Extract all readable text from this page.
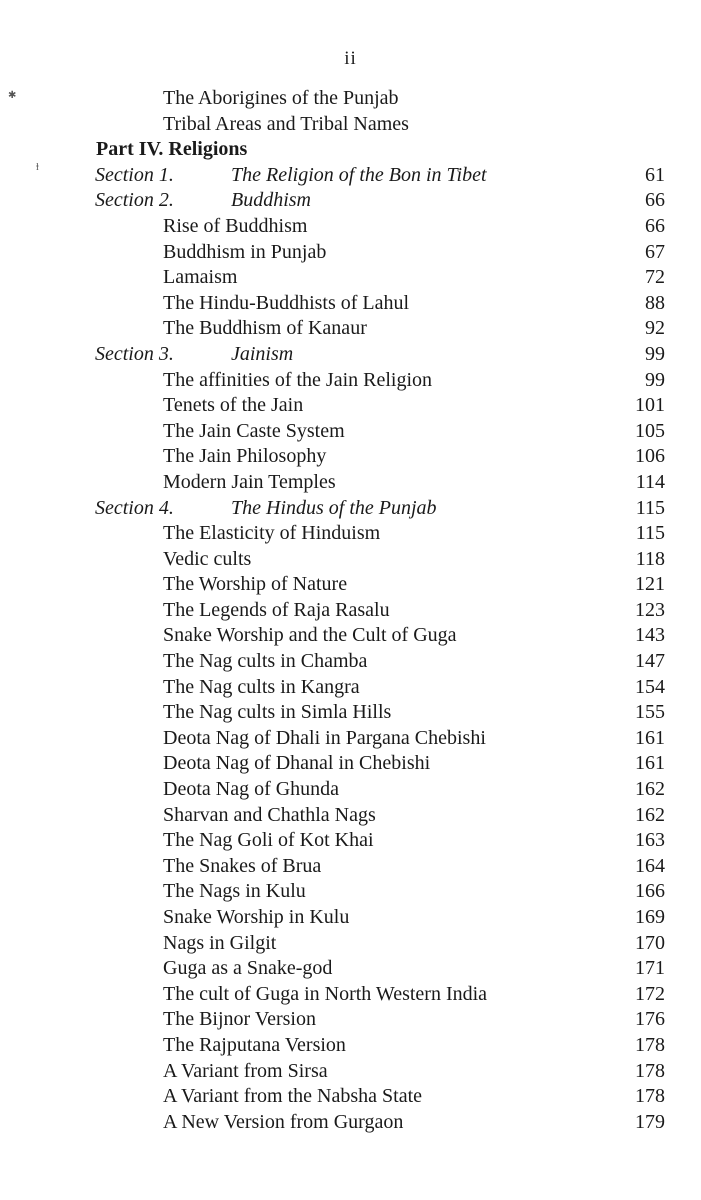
ii
✱
ⱡ
The Aborigines of the Punjab
Tribal Areas and Tribal Names
Part IV. Religions
Section 1.	The Religion of the Bon in Tibet	61
Section 2.	Buddhism	66
Rise of Buddhism	66
Buddhism in Punjab	67
Lamaism	72
The Hindu-Buddhists of Lahul	88
The Buddhism of Kanaur	92
Section 3.	Jainism	99
The affinities of the Jain Religion	99
Tenets of the Jain	101
The Jain Caste System	105
The Jain Philosophy	106
Modern Jain Temples	114
Section 4.	The Hindus of the Punjab	115
The Elasticity of Hinduism	115
Vedic cults	118
The Worship of Nature	121
The Legends of Raja Rasalu	123
Snake Worship and the Cult of Guga	143
The Nag cults in Chamba	147
The Nag cults in Kangra	154
The Nag cults in Simla Hills	155
Deota Nag of Dhali in Pargana Chebishi	161
Deota Nag of Dhanal in Chebishi	161
Deota Nag of Ghunda	162
Sharvan and Chathla Nags	162
The Nag Goli of Kot Khai	163
The Snakes of Brua	164
The Nags in Kulu	166
Snake Worship in Kulu	169
Nags in Gilgit	170
Guga as a Snake-god	171
The cult of Guga in North Western India	172
The Bijnor Version	176
The Rajputana Version	178
A Variant from Sirsa	178
A Variant from the Nabsha State	178
A New Version from Gurgaon	179
